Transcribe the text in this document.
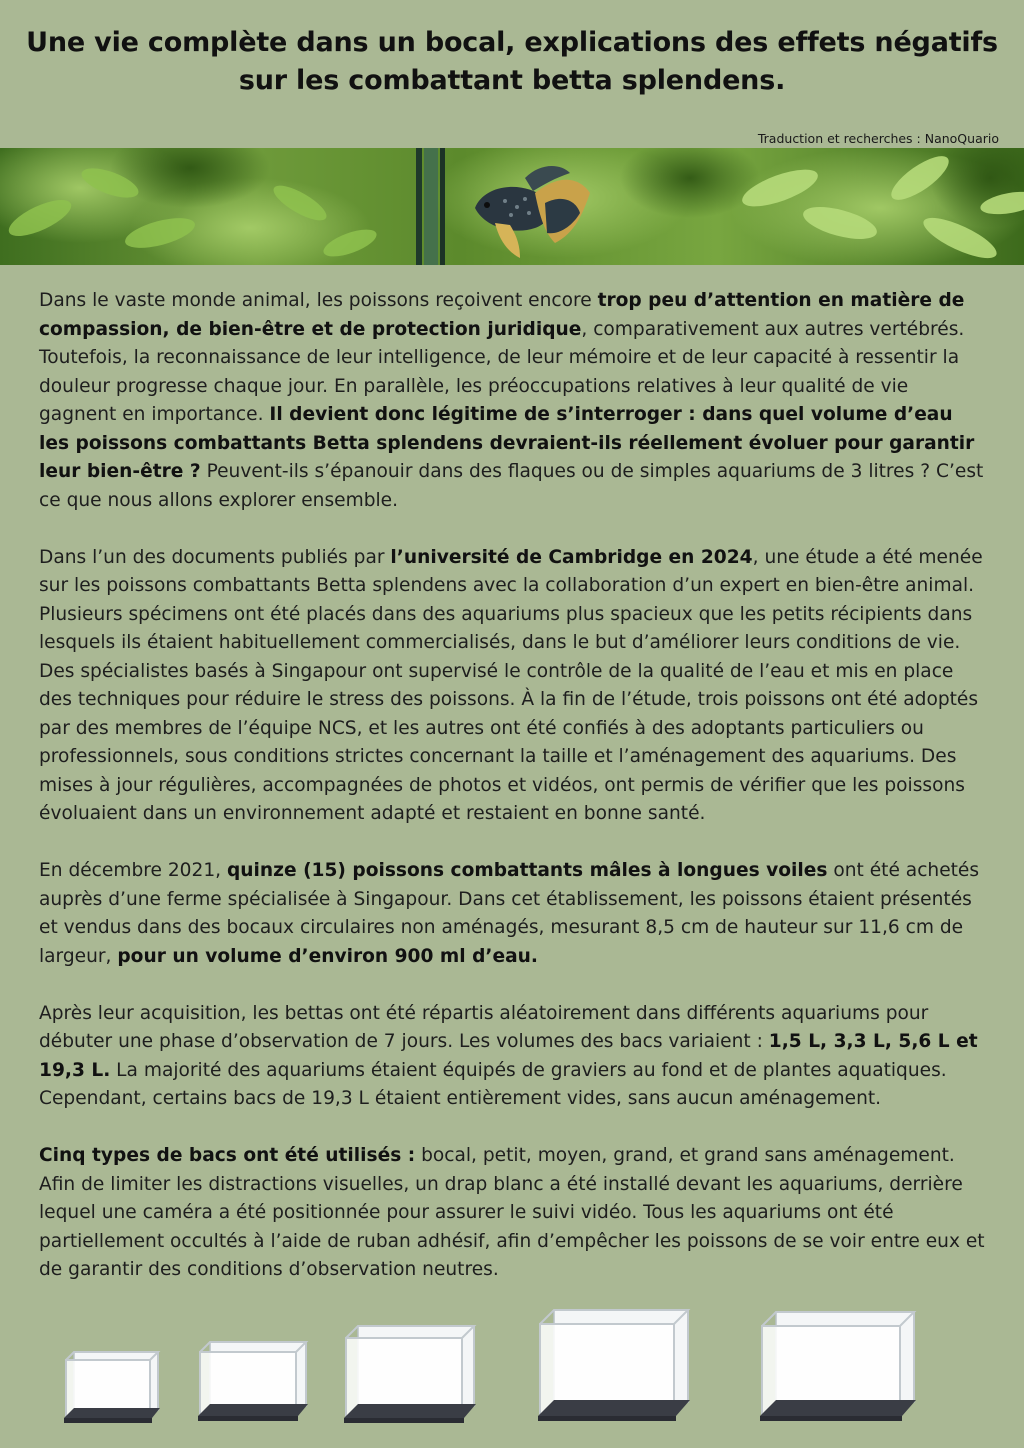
Une vie complète dans un bocal, explications des effets négatifs
sur les combattant betta splendens.
Traduction et recherches : NanoQuario

Dans le vaste monde animal, les poissons reçoivent encore trop peu d’attention en matière de compassion, de bien-être et de protection juridique, comparativement aux autres vertébrés. Toutefois, la reconnaissance de leur intelligence, de leur mémoire et de leur capacité à ressentir la douleur progresse chaque jour. En parallèle, les préoccupations relatives à leur qualité de vie gagnent en importance. Il devient donc légitime de s’interroger : dans quel volume d’eau les poissons combattants Betta splendens devraient-ils réellement évoluer pour garantir leur bien-être ? Peuvent-ils s’épanouir dans des flaques ou de simples aquariums de 3 litres ? C’est ce que nous allons explorer ensemble.

Dans l’un des documents publiés par l’université de Cambridge en 2024, une étude a été menée sur les poissons combattants Betta splendens avec la collaboration d’un expert en bien-être animal. Plusieurs spécimens ont été placés dans des aquariums plus spacieux que les petits récipients dans lesquels ils étaient habituellement commercialisés, dans le but d’améliorer leurs conditions de vie. Des spécialistes basés à Singapour ont supervisé le contrôle de la qualité de l’eau et mis en place des techniques pour réduire le stress des poissons. À la fin de l’étude, trois poissons ont été adoptés par des membres de l’équipe NCS, et les autres ont été confiés à des adoptants particuliers ou professionnels, sous conditions strictes concernant la taille et l’aménagement des aquariums. Des mises à jour régulières, accompagnées de photos et vidéos, ont permis de vérifier que les poissons évoluaient dans un environnement adapté et restaient en bonne santé.

En décembre 2021, quinze (15) poissons combattants mâles à longues voiles ont été achetés auprès d’une ferme spécialisée à Singapour. Dans cet établissement, les poissons étaient présentés et vendus dans des bocaux circulaires non aménagés, mesurant 8,5 cm de hauteur sur 11,6 cm de largeur, pour un volume d’environ 900 ml d’eau.

Après leur acquisition, les bettas ont été répartis aléatoirement dans différents aquariums pour débuter une phase d’observation de 7 jours. Les volumes des bacs variaient : 1,5 L, 3,3 L, 5,6 L et 19,3 L. La majorité des aquariums étaient équipés de graviers au fond et de plantes aquatiques. Cependant, certains bacs de 19,3 L étaient entièrement vides, sans aucun aménagement.

Cinq types de bacs ont été utilisés : bocal, petit, moyen, grand, et grand sans aménagement. Afin de limiter les distractions visuelles, un drap blanc a été installé devant les aquariums, derrière lequel une caméra a été positionnée pour assurer le suivi vidéo. Tous les aquariums ont été partiellement occultés à l’aide de ruban adhésif, afin d’empêcher les poissons de se voir entre eux et de garantir des conditions d’observation neutres.
